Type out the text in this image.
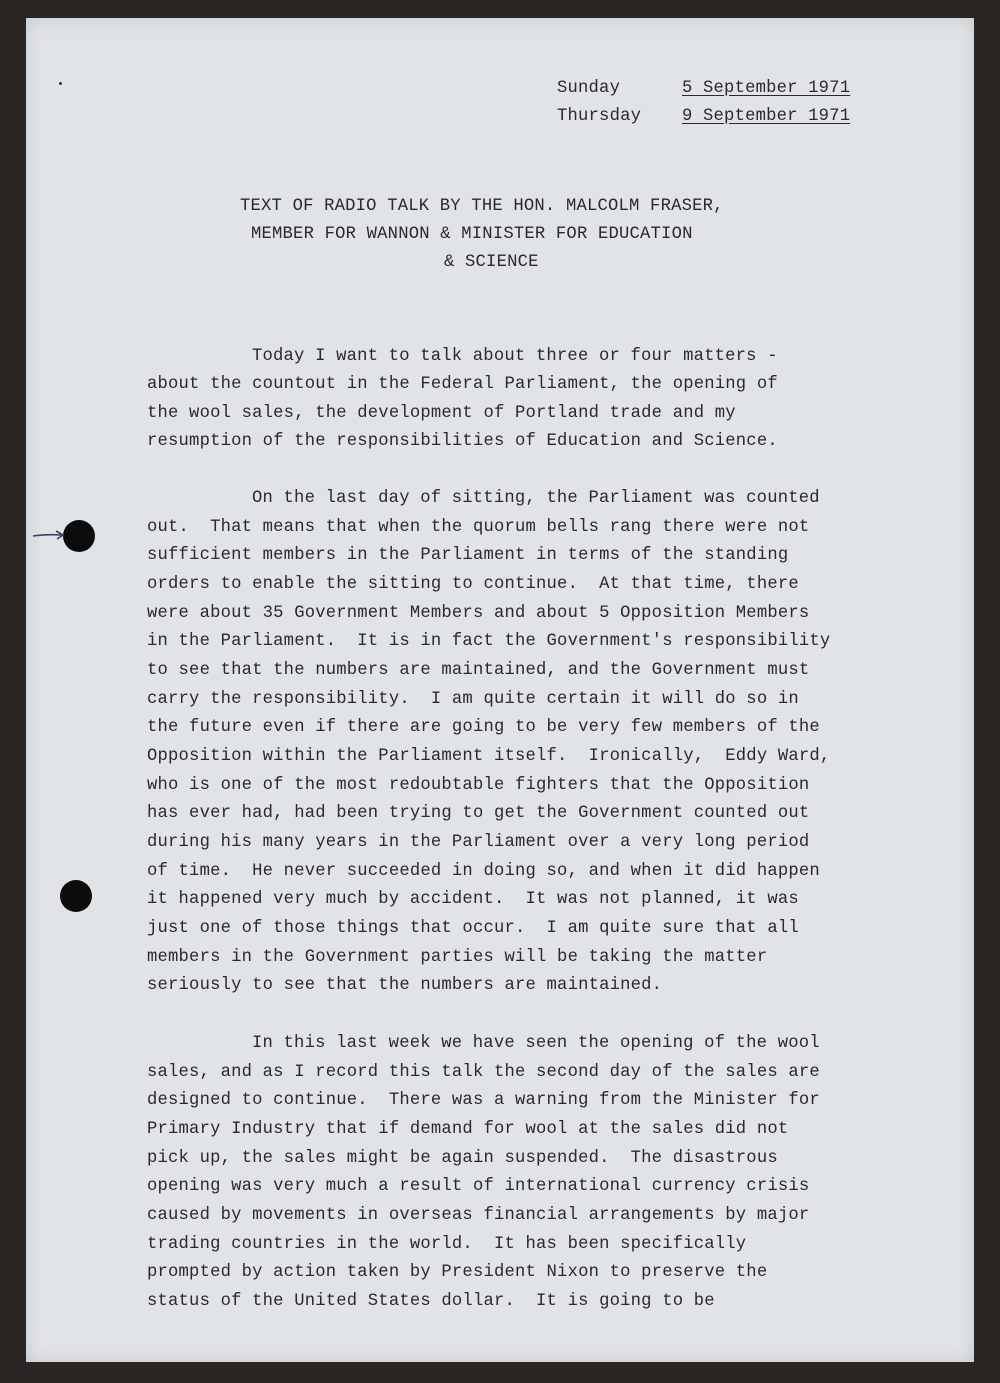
Sunday

	5 September 1971

Thursday

9 September 1971

TEXT OF RADIO TALK BY THE HON. MALCOLM FRASER,
MEMBER FOR WANNON & MINISTER FOR EDUCATION
& SCIENCE
Today I want to talk about three or four matters -
about the countout in the Federal Parliament, the opening of
the wool sales, the development of Portland trade and my
resumption of the responsibilities of Education and Science.
On the last day of sitting, the Parliament was counted
out.  That means that when the quorum bells rang there were not
sufficient members in the Parliament in terms of the standing
orders to enable the sitting to continue.  At that time, there
were about 35 Government Members and about 5 Opposition Members
in the Parliament.  It is in fact the Government's responsibility
to see that the numbers are maintained, and the Government must
carry the responsibility.  I am quite certain it will do so in
the future even if there are going to be very few members of the
Opposition within the Parliament itself.  Ironically,  Eddy Ward,
who is one of the most redoubtable fighters that the Opposition
has ever had, had been trying to get the Government counted out
during his many years in the Parliament over a very long period
of time.  He never succeeded in doing so, and when it did happen
it happened very much by accident.  It was not planned, it was
just one of those things that occur.  I am quite sure that all
members in the Government parties will be taking the matter
seriously to see that the numbers are maintained.
In this last week we have seen the opening of the wool
sales, and as I record this talk the second day of the sales are
designed to continue.  There was a warning from the Minister for
Primary Industry that if demand for wool at the sales did not
pick up, the sales might be again suspended.  The disastrous
opening was very much a result of international currency crisis
caused by movements in overseas financial arrangements by major
trading countries in the world.  It has been specifically
prompted by action taken by President Nixon to preserve the
status of the United States dollar.  It is going to be
